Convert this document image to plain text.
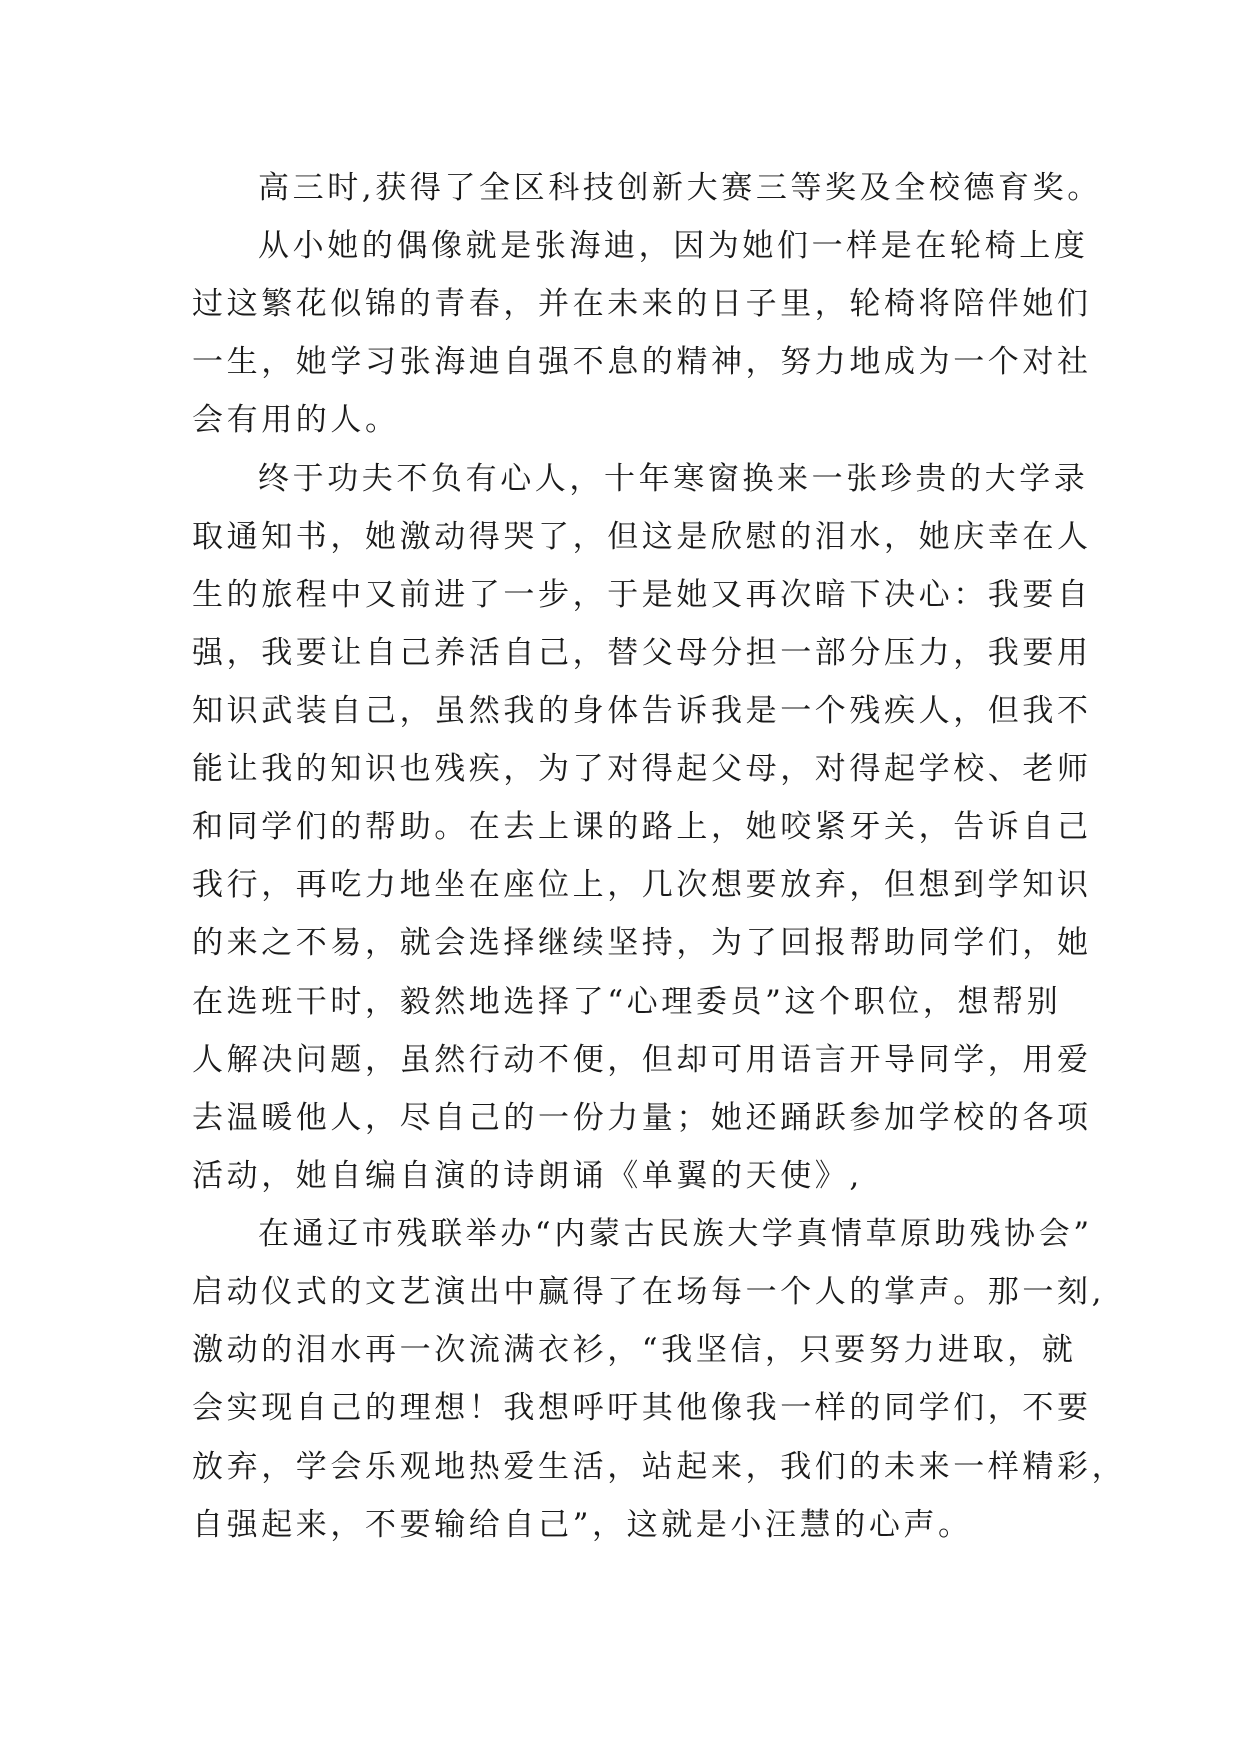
高三时,获得了全区科技创新大赛三等奖及全校德育奖。
从小她的偶像就是张海迪，因为她们一样是在轮椅上度
过这繁花似锦的青春，并在未来的日子里，轮椅将陪伴她们
一生，她学习张海迪自强不息的精神，努力地成为一个对社
会有用的人。
终于功夫不负有心人，十年寒窗换来一张珍贵的大学录
取通知书，她激动得哭了，但这是欣慰的泪水，她庆幸在人
生的旅程中又前进了一步，于是她又再次暗下决心：我要自
强，我要让自己养活自己，替父母分担一部分压力，我要用
知识武装自己，虽然我的身体告诉我是一个残疾人，但我不
能让我的知识也残疾，为了对得起父母，对得起学校、老师
和同学们的帮助。在去上课的路上，她咬紧牙关，告诉自己
我行，再吃力地坐在座位上，几次想要放弃，但想到学知识
的来之不易，就会选择继续坚持，为了回报帮助同学们，她
在选班干时，毅然地选择了“心理委员”这个职位，想帮别
人解决问题，虽然行动不便，但却可用语言开导同学，用爱
去温暖他人，尽自己的一份力量；她还踊跃参加学校的各项
活动，她自编自演的诗朗诵《单翼的天使》,
在通辽市残联举办“内蒙古民族大学真情草原助残协会”
启动仪式的文艺演出中赢得了在场每一个人的掌声。那一刻,
激动的泪水再一次流满衣衫，“我坚信，只要努力进取，就
会实现自己的理想！我想呼吁其他像我一样的同学们，不要
放弃，学会乐观地热爱生活，站起来，我们的未来一样精彩，
自强起来，不要输给自己”，这就是小汪慧的心声。
